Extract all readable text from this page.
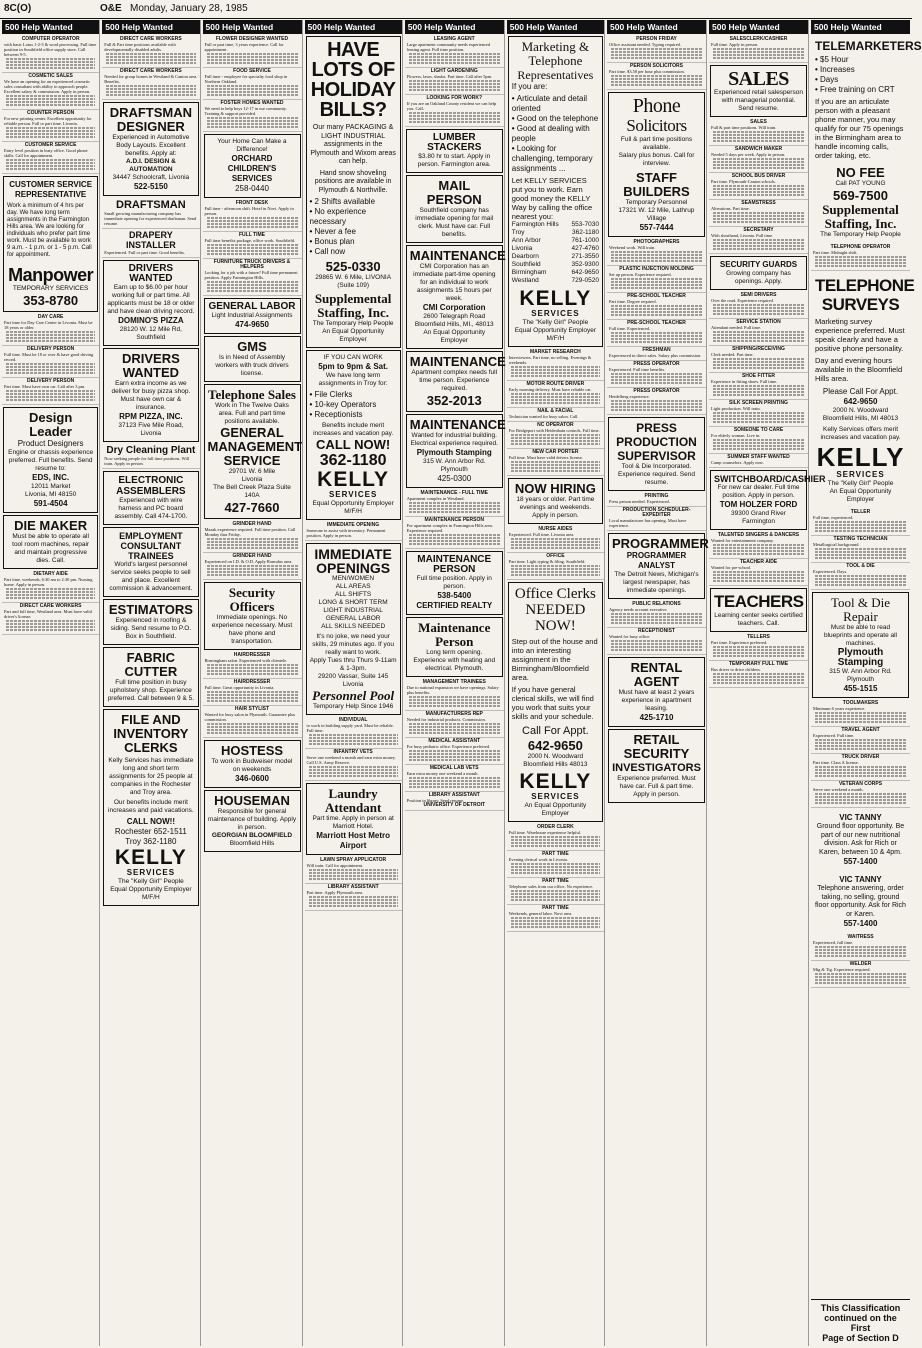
8C(O)	O&E Monday, January 28, 1985
500 Help Wanted
COMPUTER OPERATOR
with basic Lotus 1-2-3 & word processing. Full time position in Southfield office supply store. Call between 9-5.
COSMETIC SALES
We have an opening for an experienced cosmetic sales consultant with ability to approach people. Excellent salary & commission. Apply in person.
COUNTER PERSON
For new printing center. Excellent opportunity for reliable person. Full or part time. Livonia.
CUSTOMER SERVICE
Entry level position in busy office. Good phone skills. Call for appointment.
CUSTOMER SERVICE REPRESENTATIVE
Work a minimum of 4 hrs per day. We have long term assignments in the Farmington Hills area. We are looking for individuals who prefer part time work. Must be available to work 9 a.m. - 1 p.m. or 1 - 5 p.m. Call for appointment.
Manpower
TEMPORARY SERVICES
353-8780
DAY CARE
Part time for Day Care Center in Livonia. Must be 18 years or older.
DELIVERY PERSON
Full time. Must be 18 or over & have good driving record.
DELIVERY PERSON
Part time. Must have own car. Call after 3 pm.
Design Leader
Product Designers
Engine or chassis experience preferred. Full benefits. Send resume to:
EDS, INC.
12011 Market
Livonia, MI 48150
591-4504
DIE MAKER
Must be able to operate all tool room machines, repair and maintain progressive dies. Call.
DIETARY AIDE
Part time, weekends, 6:30 am to 2:30 pm. Nursing home. Apply in person.
DIRECT CARE WORKERS
Part and full time, Westland area. Must have valid driver's license.
500 Help Wanted
DIRECT CARE WORKERS
Full & Part time positions available with developmentally disabled adults.
DIRECT CARE WORKERS
Needed for group homes in Westland & Canton area. Benefits.
DRAFTSMAN
DESIGNER
Experienced in Automotive Body Layouts. Excellent benefits. Apply at:
A.D.I. DESIGN & AUTOMATION
34447 Schoolcraft, Livonia
522-5150
DRAFTSMAN
Small growing manufacturing company has immediate opening for experienced draftsman. Send resume.
DRAPERY INSTALLER
Experienced. Full or part time. Good benefits.
DRIVERS WANTED
Earn up to $6.00 per hour working full or part time. All applicants must be 18 or older and have clean driving record.
DOMINO'S PIZZA
28120 W. 12 Mile Rd, Southfield
DRIVERS WANTED
Earn extra income as we deliver for busy pizza shop. Must have own car & insurance.
RPM PIZZA, INC.
37123 Five Mile Road, Livonia
Dry Cleaning Plant
Now seeking people for full time positions. Will train. Apply in person.
ELECTRONIC ASSEMBLERS
Experienced with wire harness and PC board assembly. Call 474-1700.
EMPLOYMENT CONSULTANT TRAINEES
World's largest personnel service seeks people to sell and place. Excellent commission & advancement.
ESTIMATORS
Experienced in roofing & siding. Send resume to P.O. Box in Southfield.
FABRIC CUTTER
Full time position in busy upholstery shop. Experience preferred. Call between 9 & 5.
FILE AND INVENTORY CLERKS
Kelly Services has immediate long and short term assignments for 25 people at companies in the Rochester and Troy area.
Our benefits include merit increases and paid vacations.
CALL NOW!!
Rochester 652-1511
Troy 362-1180
KELLY
SERVICES
The "Kelly Girl" People
Equal Opportunity Employer M/F/H
500 Help Wanted
FLOWER DESIGNER WANTED
Full or part time, 3 years experience. Call for appointment.
FOOD SERVICE
Full time - employee for specialty food shop in Northern Oakland.
FOSTER HOMES WANTED
We need to help boys 12-17 in our community. Training & support provided.
Your Home Can Make a Difference!
ORCHARD CHILDREN'S SERVICES
258-0440
FRONT DESK
Full time - afternoon shift. Hotel in Novi. Apply in person.
FULL TIME
Full time benefits package, office work. Southfield.
FURNITURE TRUCK DRIVERS & HELPERS
Looking for a job with a future? Full time permanent position. Apply Farmington Hills.
GENERAL LABOR
Light Industrial Assignments
474-9650
GMS
Is in Need of Assembly workers with truck drivers license.
Telephone Sales
Work in The Twelve Oaks area. Full and part time positions available.
GENERAL MANAGEMENT SERVICE
29701 W. 6 Mile
Livonia
The Bell Creek Plaza Suite 140A
427-7660
GRINDER HAND
Mazak experience required. Full time position. Call Monday thru Friday.
GRINDER HAND
Experienced on I.D. & O.D. Apply Romulus area.
Security Officers
Immediate openings. No experience necessary. Must have phone and transportation.
HAIRDRESSER
Birmingham salon. Experienced with clientele.
HAIRDRESSER
Full time. Great opportunity in Livonia.
HAIR STYLIST
Wanted for busy salon in Plymouth. Guarantee plus commission.
HOSTESS
To work in Budweiser model on weekends
346-0600
HOUSEMAN
Responsible for general maintenance of building. Apply in person.
GEORGIAN BLOOMFIELD
Bloomfield Hills
500 Help Wanted
HAVE
LOTS OF
HOLIDAY
BILLS?
Our many PACKAGING & LIGHT INDUSTRIAL assignments in the Plymouth and Wixom areas can help.
Hand snow shoveling positions are available in Plymouth & Northville.
• 2 Shifts available
• No experience necessary
• Never a fee
• Bonus plan
• Call now
525-0330
29865 W. 6 Mile, LIVONIA (Suite 109)
Supplemental Staffing, Inc.
The Temporary Help People
An Equal Opportunity Employer
IF YOU CAN WORK
5pm to 9pm & Sat.
We have long term assignments in Troy for:
• File Clerks
• 10-key Operators
• Receptionists
Benefits include merit increases and vacation pay.
CALL NOW!
362-1180
KELLY
SERVICES
Equal Opportunity Employer M/F/H
IMMEDIATE OPENING
Someone to assist with inventory. Permanent position. Apply in person.
IMMEDIATE
OPENINGS
MEN/WOMEN
ALL AREAS
ALL SHIFTS
LONG & SHORT TERM
LIGHT INDUSTRIAL
GENERAL LABOR
ALL SKILLS NEEDED
It's no joke, we need your skills, 29 minutes ago. If you really want to work.
Apply Tues thru Thurs 9-11am & 1-3pm.
29200 Vassar, Suite 145
Livonia
Personnel Pool
Temporary Help Since 1946
INDIVIDUAL
to work in building supply yard. Must be reliable. Full time.
INFANTRY VETS
Serve one weekend a month and earn extra money. Call U.S. Army Reserve.
Laundry Attendant
Part time. Apply in person at Marriott Hotel.
Marriott Host Metro Airport
LAWN SPRAY APPLICATOR
Will train. Call for appointment.
LIBRARY ASSISTANT
Part time. Apply Plymouth area.
500 Help Wanted
LEASING AGENT
Large apartment community needs experienced leasing agent. Full time position.
LIGHT GARDENING
Flowers, lawn, shrubs. Part time. Call after 5pm.
LOOKING FOR WORK?
If you are an Oakland County resident we can help you. Call.
LUMBER STACKERS
$3.80 hr to start. Apply in person. Farmington area.
MAIL PERSON
Southfield company has immediate opening for mail clerk. Must have car. Full benefits.
MAINTENANCE
CMI Corporation has an immediate part-time opening for an individual to work assignments 15 hours per week.
CMI Corporation
2600 Telegraph Road
Bloomfield Hills, MI., 48013
An Equal Opportunity Employer
MAINTENANCE
Apartment complex needs full time person. Experience required.
352-2013
MAINTENANCE
Wanted for industrial building. Electrical experience required.
Plymouth Stamping
315 W. Ann Arbor Rd. Plymouth
425-0300
MAINTENANCE - FULL TIME
Apartment complex in Westland.
MAINTENANCE PERSON
For apartment complex in Farmington Hills area. Experience required.
MAINTENANCE PERSON
Full time position. Apply in person.
538-5400
CERTIFIED REALTY
Maintenance Person
Long term opening. Experience with heating and electrical. Plymouth.
MANAGEMENT TRAINEES
Due to national expansion we have openings. Salary plus benefits.
MANUFACTURERS REP
Needed for industrial products. Commission.
MEDICAL ASSISTANT
For busy pediatric office. Experience preferred.
MEDICAL LAB VETS
Earn extra money one weekend a month.
LIBRARY ASSISTANT
Position in library. Send resume.
UNIVERSITY OF DETROIT
500 Help Wanted
Marketing &
Telephone
Representatives
If you are:
• Articulate and detail oriented
• Good on the telephone
• Good at dealing with people
• Looking for challenging, temporary assignments ...
Let KELLY SERVICES put you to work. Earn good money the KELLY Way by calling the office nearest you:
Farmington Hills 553-7030
Troy	362-1180
Ann Arbor	761-1000
Livonia	427-4760
Dearborn	271-3550
Southfield	352-9300
Birmingham	642-9650
Westland	729-0520
KELLY
SERVICES
The "Kelly Girl" People
Equal Opportunity Employer M/F/H
MARKET RESEARCH
Interviewers. Part time, no selling. Evenings & weekends.
MOTOR ROUTE DRIVER
Early morning delivery. Must have reliable car.
NAIL & FACIAL
Technician wanted for busy salon. Call.
NC OPERATOR
For Bridgeport with Heidenhain controls. Full time.
NEW CAR PORTER
Full time. Must have valid drivers license.
NOW HIRING
18 years or older. Part time evenings and weekends. Apply in person.
NURSE AIDES
Experienced. Full time. Livonia area.
OFFICE
Part time. Light typing & filing. Southfield.
Office Clerks
NEEDED NOW!
Step out of the house and into an interesting assignment in the Birmingham/Bloomfield area.
If you have general clerical skills, we will find you work that suits your skills and your schedule.
Call For Appt.
642-9650
2000 N. Woodward
Bloomfield Hills 48013
KELLY
SERVICES
An Equal Opportunity Employer
ORDER CLERK
Full time. Warehouse experience helpful.
PART TIME
Evening clerical work in Livonia.
PART TIME
Telephone sales from our office. No experience.
PART TIME
Weekends, general labor. Novi area.
500 Help Wanted
PERSON FRIDAY
Office assistant needed. Typing required.
PERSON SOLICITORS
Part time. $3.50 per hour plus commission.
Phone
Solicitors
Full & part time positions available.
Salary plus bonus. Call for interview.
STAFF BUILDERS
Temporary Personnel
17321 W. 12 Mile, Lathrup Village
557-7444
PHOTOGRAPHERS
Weekend work. Will train.
PLASTIC INJECTION MOLDING
Set up person. Experience required.
PRE-SCHOOL TEACHER
Part time. Degree required.
PRE-SCHOOL TEACHER
Full time. Experienced.
FRESHMAN
Experienced in direct sales. Salary plus commission.
PRESS OPERATOR
Experienced. Full time benefits.
PRESS OPERATOR
Heidelberg experience.
PRESS PRODUCTION SUPERVISOR
Tool & Die Incorporated. Experience required. Send resume.
PRINTING
Press person needed. Experienced.
PRODUCTION SCHEDULER-EXPEDITER
Local manufacturer has opening. Must have experience.
PROGRAMMER
PROGRAMMER ANALYST
The Detroit News, Michigan's largest newspaper, has immediate openings.
PUBLIC RELATIONS
Agency needs account executive.
RECEPTIONIST
Wanted for busy office.
RENTAL AGENT
Must have at least 2 years experience in apartment leasing.
425-1710
RETAIL
SECURITY
INVESTIGATORS
Experience preferred. Must have car. Full & part time. Apply in person.
500 Help Wanted
SALESCLERK/CASHIER
Full time. Apply in person.
SALES
Experienced retail salesperson with managerial potential. Send resume.
SALES
Full & part time positions. Will train.
SANDWICH MAKER
Needed 5 days per week. Apply in person.
SCHOOL BUS DRIVER
Part time. Plymouth-Canton schools.
SEAMSTRESS
Alterations. Part time.
SECRETARY
With shorthand, Livonia. Full time.
SECURITY GUARDS
Growing company has openings. Apply.
SEMI DRIVERS
Over the road. Experience required.
SERVICE STATION
Attendant needed. Full time.
SHIPPING/RECEIVING
Clerk needed. Part time.
SHOE FITTER
Experience in fitting shoes. Full time.
SILK SCREEN PRINTING
Light production. Will train.
SOMEONE TO CARE
For elderly woman. Live in.
SUMMER STAFF WANTED
Camp counselors. Apply now.
SWITCHBOARD/CASHIER
For new car dealer. Full time position. Apply in person.
TOM HOLZER FORD
39300 Grand River
Farmington
TALENTED SINGERS & DANCERS
Wanted for entertainment company.
TEACHER AIDE
Wanted for pre-school.
TEACHERS
Learning center seeks certified teachers. Call.
TELLERS
Part time. Experience preferred.
TEMPORARY FULL TIME
Bus driver to drive children.
500 Help Wanted
TELEMARKETERS
• $5 Hour
• Increases
• Days
• Free training on CRT
If you are an articulate person with a pleasant phone manner, you may qualify for our 75 openings in the Birmingham area to handle incoming calls, order taking, etc.
NO FEE
Call PAT YOUNG
569-7500
Supplemental Staffing, Inc.
The Temporary Help People
TELEPHONE OPERATOR
Part time. Midnight shift.
TELEPHONE SURVEYS
Marketing survey experience preferred. Must speak clearly and have a positive phone personality.
Day and evening hours available in the Bloomfield Hills area.
Please Call For Appt.
642-9650
2000 N. Woodward
Bloomfield Hills, MI 48013
Kelly Services offers merit increases and vacation pay.
KELLY
SERVICES
The "Kelly Girl" People
An Equal Opportunity Employer
TELLER
Full time, experienced.
TESTING TECHNICIAN
Metallurgical background.
TOOL & DIE
Experienced. Days.
Tool & Die Repair
Must be able to read blueprints and operate all machines.
Plymouth Stamping
315 W. Ann Arbor Rd.
Plymouth
455-1515
TOOLMAKERS
Minimum 6 years experience.
TRAVEL AGENT
Experienced. Full time.
TRUCK DRIVER
Part time. Class A license.
VETERAN CORPS
Serve one weekend a month.
VIC TANNY
Ground floor opportunity. Be part of our new nutritional division. Ask for Rich or Karen, between 10 & 4pm.
557-1400
VIC TANNY
Telephone answering, order taking, no selling, ground floor opportunity. Ask for Rich or Karen.
557-1400
WAITRESS
Experienced, full time.
WELDER
Mig & Tig. Experience required.
This Classification
continued on the First
Page of Section D
